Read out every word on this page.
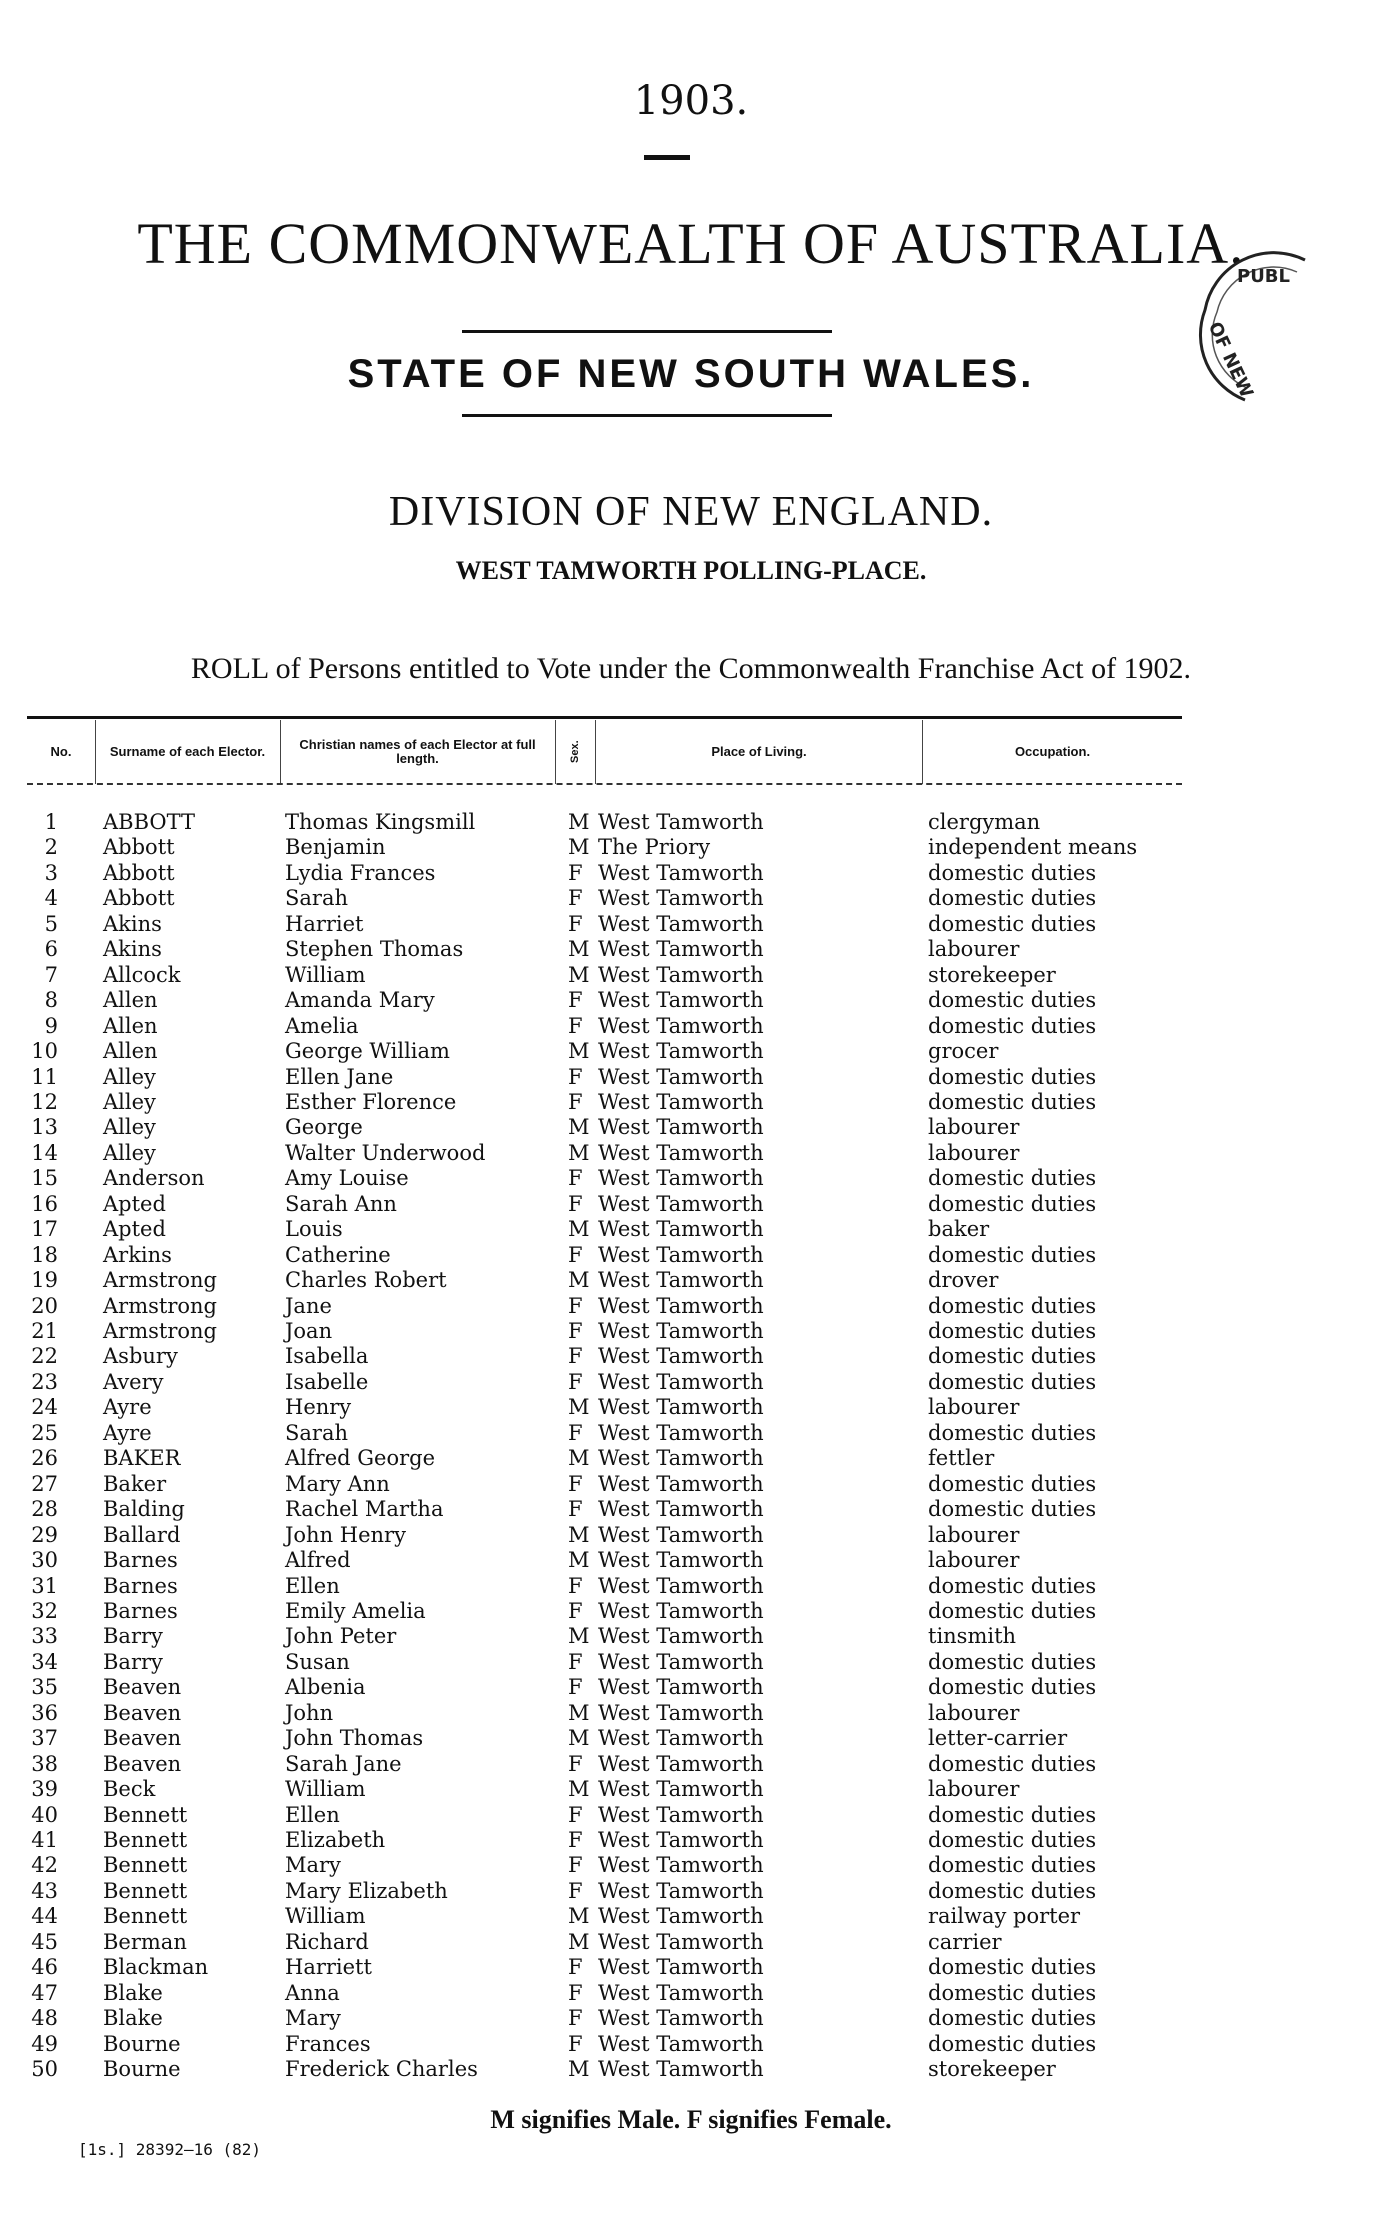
1903.
THE COMMONWEALTH OF AUSTRALIA.
PUBL
OF NEW
STATE OF NEW SOUTH WALES.
DIVISION OF NEW ENGLAND.
WEST TAMWORTH POLLING-PLACE.
ROLL of Persons entitled to Vote under the Commonwealth Franchise Act of 1902.
No.	Surname of each Elector.	Christian names of each Elector at full length.	Sex.	Place of Living.	Occupation.
1 ABBOTT	Thomas Kingsmill	M West Tamworth	clergyman
2 Abbott	Benjamin	M The Priory	independent means
3 Abbott	Lydia Frances	F West Tamworth	domestic duties
4 Abbott	Sarah	F West Tamworth	domestic duties
5 Akins	Harriet	F West Tamworth	domestic duties
6 Akins	Stephen Thomas	M West Tamworth	labourer
7 Allcock	William	M West Tamworth	storekeeper
8 Allen	Amanda Mary	F West Tamworth	domestic duties
9 Allen	Amelia	F West Tamworth	domestic duties
10 Allen	George William	M West Tamworth	grocer
11 Alley	Ellen Jane	F West Tamworth	domestic duties
12 Alley	Esther Florence	F West Tamworth	domestic duties
13 Alley	George	M West Tamworth	labourer
14 Alley	Walter Underwood	M West Tamworth	labourer
15 Anderson	Amy Louise	F West Tamworth	domestic duties
16 Apted	Sarah Ann	F West Tamworth	domestic duties
17 Apted	Louis	M West Tamworth	baker
18 Arkins	Catherine	F West Tamworth	domestic duties
19 Armstrong	Charles Robert	M West Tamworth	drover
20 Armstrong	Jane	F West Tamworth	domestic duties
21 Armstrong	Joan	F West Tamworth	domestic duties
22 Asbury	Isabella	F West Tamworth	domestic duties
23 Avery	Isabelle	F West Tamworth	domestic duties
24 Ayre	Henry	M West Tamworth	labourer
25 Ayre	Sarah	F West Tamworth	domestic duties
26 BAKER	Alfred George	M West Tamworth	fettler
27 Baker	Mary Ann	F West Tamworth	domestic duties
28 Balding	Rachel Martha	F West Tamworth	domestic duties
29 Ballard	John Henry	M West Tamworth	labourer
30 Barnes	Alfred	M West Tamworth	labourer
31 Barnes	Ellen	F West Tamworth	domestic duties
32 Barnes	Emily Amelia	F West Tamworth	domestic duties
33 Barry	John Peter	M West Tamworth	tinsmith
34 Barry	Susan	F West Tamworth	domestic duties
35 Beaven	Albenia	F West Tamworth	domestic duties
36 Beaven	John	M West Tamworth	labourer
37 Beaven	John Thomas	M West Tamworth	letter-carrier
38 Beaven	Sarah Jane	F West Tamworth	domestic duties
39 Beck	William	M West Tamworth	labourer
40 Bennett	Ellen	F West Tamworth	domestic duties
41 Bennett	Elizabeth	F West Tamworth	domestic duties
42 Bennett	Mary	F West Tamworth	domestic duties
43 Bennett	Mary Elizabeth	F West Tamworth	domestic duties
44 Bennett	William	M West Tamworth	railway porter
45 Berman	Richard	M West Tamworth	carrier
46 Blackman	Harriett	F West Tamworth	domestic duties
47 Blake	Anna	F West Tamworth	domestic duties
48 Blake	Mary	F West Tamworth	domestic duties
49 Bourne	Frances	F West Tamworth	domestic duties
50 Bourne	Frederick Charles	M West Tamworth	storekeeper
M signifies Male. F signifies Female.
[1s.] 28392—16 (82)
